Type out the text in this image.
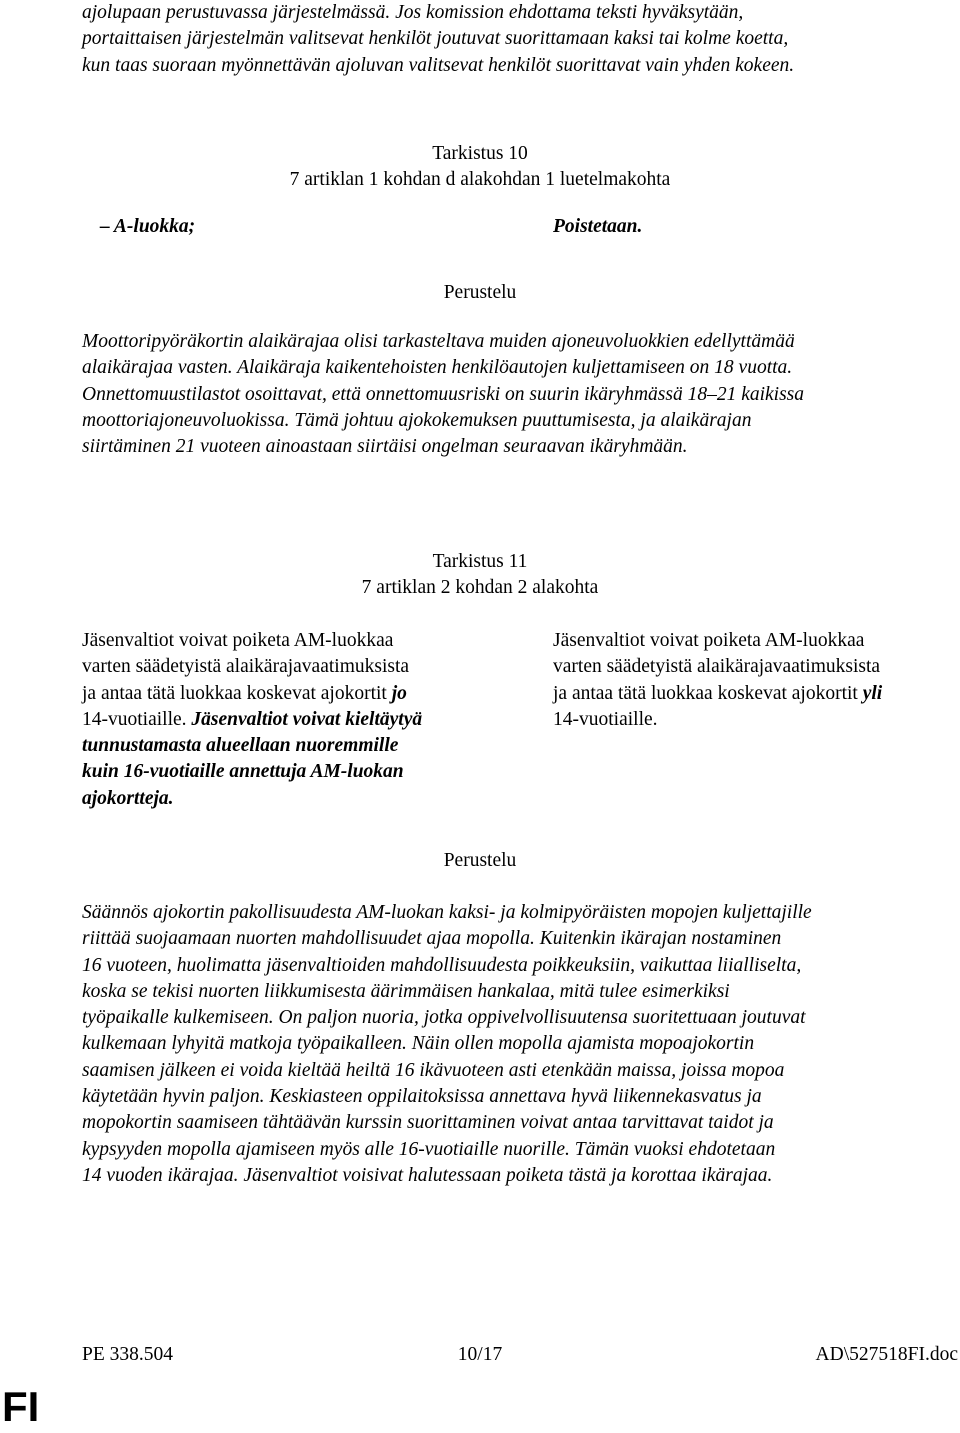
ajolupaan perustuvassa järjestelmässä. Jos komission ehdottama teksti hyväksytään,
portaittaisen järjestelmän valitsevat henkilöt joutuvat suorittamaan kaksi tai kolme koetta,
kun taas suoraan myönnettävän ajoluvan valitsevat henkilöt suorittavat vain yhden kokeen.
Tarkistus 10
7 artiklan 1 kohdan d alakohdan 1 luetelmakohta
– A-luokka;	Poistetaan.
Perustelu
Moottoripyöräkortin alaikärajaa olisi tarkasteltava muiden ajoneuvoluokkien edellyttämää
alaikärajaa vasten. Alaikäraja kaikentehoisten henkilöautojen kuljettamiseen on 18 vuotta.
Onnettomuustilastot osoittavat, että onnettomuusriski on suurin ikäryhmässä 18–21 kaikissa
moottoriajoneuvoluokissa. Tämä johtuu ajokokemuksen puuttumisesta, ja alaikärajan
siirtäminen 21 vuoteen ainoastaan siirtäisi ongelman seuraavan ikäryhmään.
Tarkistus 11
7 artiklan 2 kohdan 2 alakohta
Jäsenvaltiot voivat poiketa AM-luokkaa
varten säädetyistä alaikärajavaatimuksista
ja antaa tätä luokkaa koskevat ajokortit jo
14-vuotiaille. Jäsenvaltiot voivat kieltäytyä
tunnustamasta alueellaan nuoremmille
kuin 16-vuotiaille annettuja AM-luokan
ajokortteja.
Jäsenvaltiot voivat poiketa AM-luokkaa
varten säädetyistä alaikärajavaatimuksista
ja antaa tätä luokkaa koskevat ajokortit yli
14-vuotiaille.
Perustelu
Säännös ajokortin pakollisuudesta AM-luokan kaksi- ja kolmipyöräisten mopojen kuljettajille
riittää suojaamaan nuorten mahdollisuudet ajaa mopolla. Kuitenkin ikärajan nostaminen
16 vuoteen, huolimatta jäsenvaltioiden mahdollisuudesta poikkeuksiin, vaikuttaa liialliselta,
koska se tekisi nuorten liikkumisesta äärimmäisen hankalaa, mitä tulee esimerkiksi
työpaikalle kulkemiseen. On paljon nuoria, jotka oppivelvollisuutensa suoritettuaan joutuvat
kulkemaan lyhyitä matkoja työpaikalleen. Näin ollen mopolla ajamista mopoajokortin
saamisen jälkeen ei voida kieltää heiltä 16 ikävuoteen asti etenkään maissa, joissa mopoa
käytetään hyvin paljon. Keskiasteen oppilaitoksissa annettava hyvä liikennekasvatus ja
mopokortin saamiseen tähtäävän kurssin suorittaminen voivat antaa tarvittavat taidot ja
kypsyyden mopolla ajamiseen myös alle 16-vuotiaille nuorille. Tämän vuoksi ehdotetaan
14 vuoden ikärajaa. Jäsenvaltiot voisivat halutessaan poiketa tästä ja korottaa ikärajaa.
PE 338.504	10/17	AD\527518FI.doc
FI
